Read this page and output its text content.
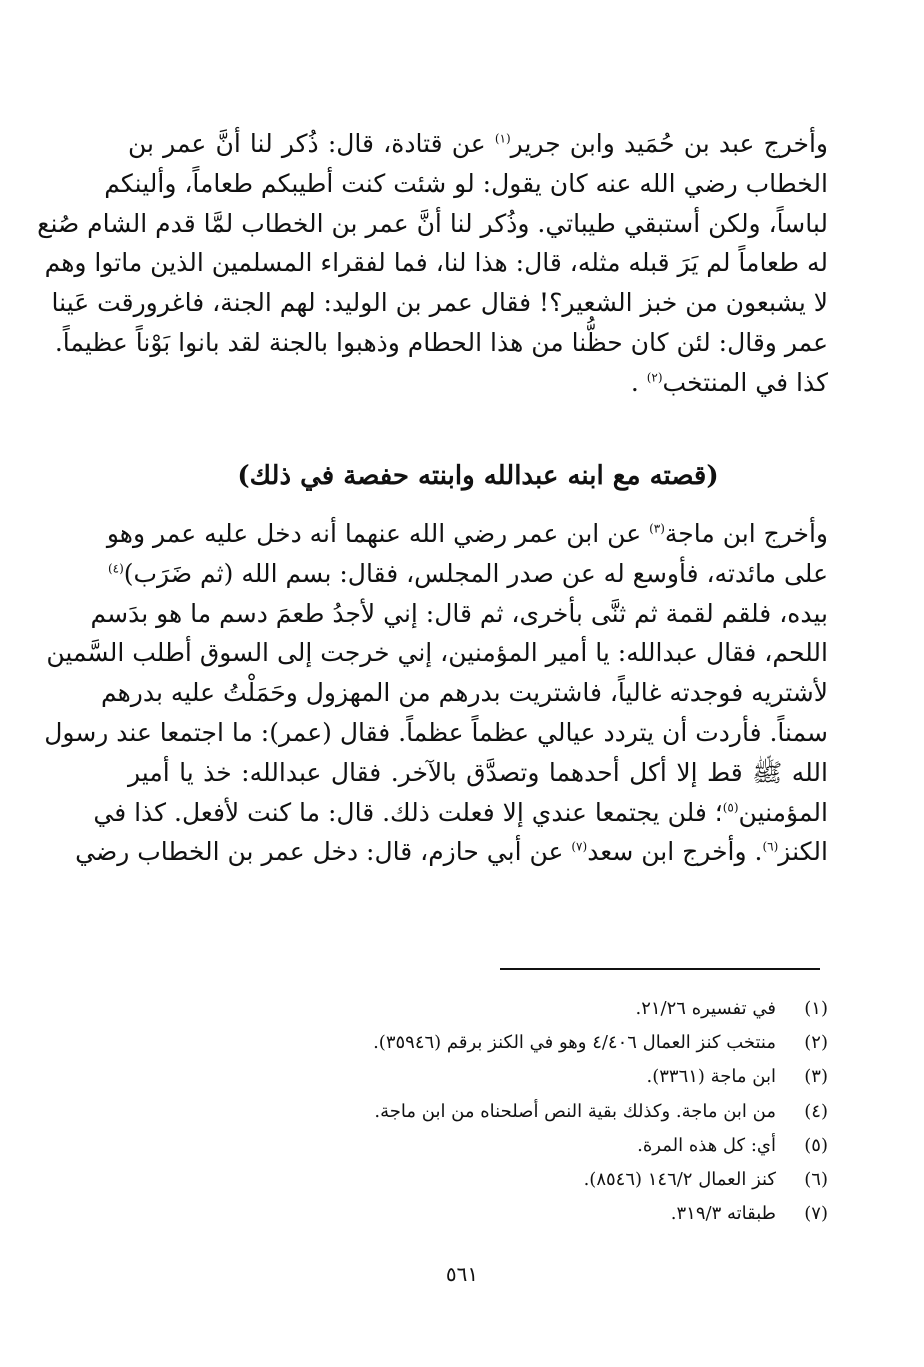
وأخرج عبد بن حُمَيد وابن جرير$^{(١)}$ عن قتادة، قال: ذُكر لنا أنَّ عمر بن
الخطاب رضي الله عنه كان يقول: لو شئت كنت أطيبكم طعاماً، وألينكم
لباساً، ولكن أستبقي طيباتي. وذُكر لنا أنَّ عمر بن الخطاب لمَّا قدم الشام صُنع
له طعاماً لم يَرَ قبله مثله، قال: هذا لنا، فما لفقراء المسلمين الذين ماتوا وهم
لا يشبعون من خبز الشعير؟! فقال عمر بن الوليد: لهم الجنة، فاغرورقت عَينا
عمر وقال: لئن كان حظُّنا من هذا الحطام وذهبوا بالجنة لقد بانوا بَوْناً عظيماً.
كذا في المنتخب$^{(٢)}$ .
(قصته مع ابنه عبدالله وابنته حفصة في ذلك)
وأخرج ابن ماجة$^{(٣)}$ عن ابن عمر رضي الله عنهما أنه دخل عليه عمر وهو
على مائدته، فأوسع له عن صدر المجلس، فقال: بسم الله (ثم ضَرَب)$^{(٤)}$
بيده، فلقم لقمة ثم ثنَّى بأخرى، ثم قال: إني لأجدُ طعمَ دسم ما هو بدَسم
اللحم، فقال عبدالله: يا أمير المؤمنين، إني خرجت إلى السوق أطلب السَّمين
لأشتريه فوجدته غالياً، فاشتريت بدرهم من المهزول وحَمَلْتُ عليه بدرهم
سمناً. فأردت أن يتردد عيالي عظماً عظماً. فقال (عمر): ما اجتمعا عند رسول
الله ﷺ قط إلا أكل أحدهما وتصدَّق بالآخر. فقال عبدالله: خذ يا أمير
المؤمنين$^{(٥)}$؛ فلن يجتمعا عندي إلا فعلت ذلك. قال: ما كنت لأفعل. كذا في
الكنز$^{(٦)}$. وأخرج ابن سعد$^{(٧)}$ عن أبي حازم، قال: دخل عمر بن الخطاب رضي
(١)
في تفسيره ٢١/٢٦.
(٢)
منتخب كنز العمال ٤/٤٠٦ وهو في الكنز برقم (٣٥٩٤٦).
(٣)
ابن ماجة (٣٣٦١).
(٤)
من ابن ماجة. وكذلك بقية النص أصلحناه من ابن ماجة.
(٥)
أي: كل هذه المرة.
(٦)
كنز العمال ١٤٦/٢ (٨٥٤٦).
(٧)
طبقاته ٣١٩/٣.
٥٦١
